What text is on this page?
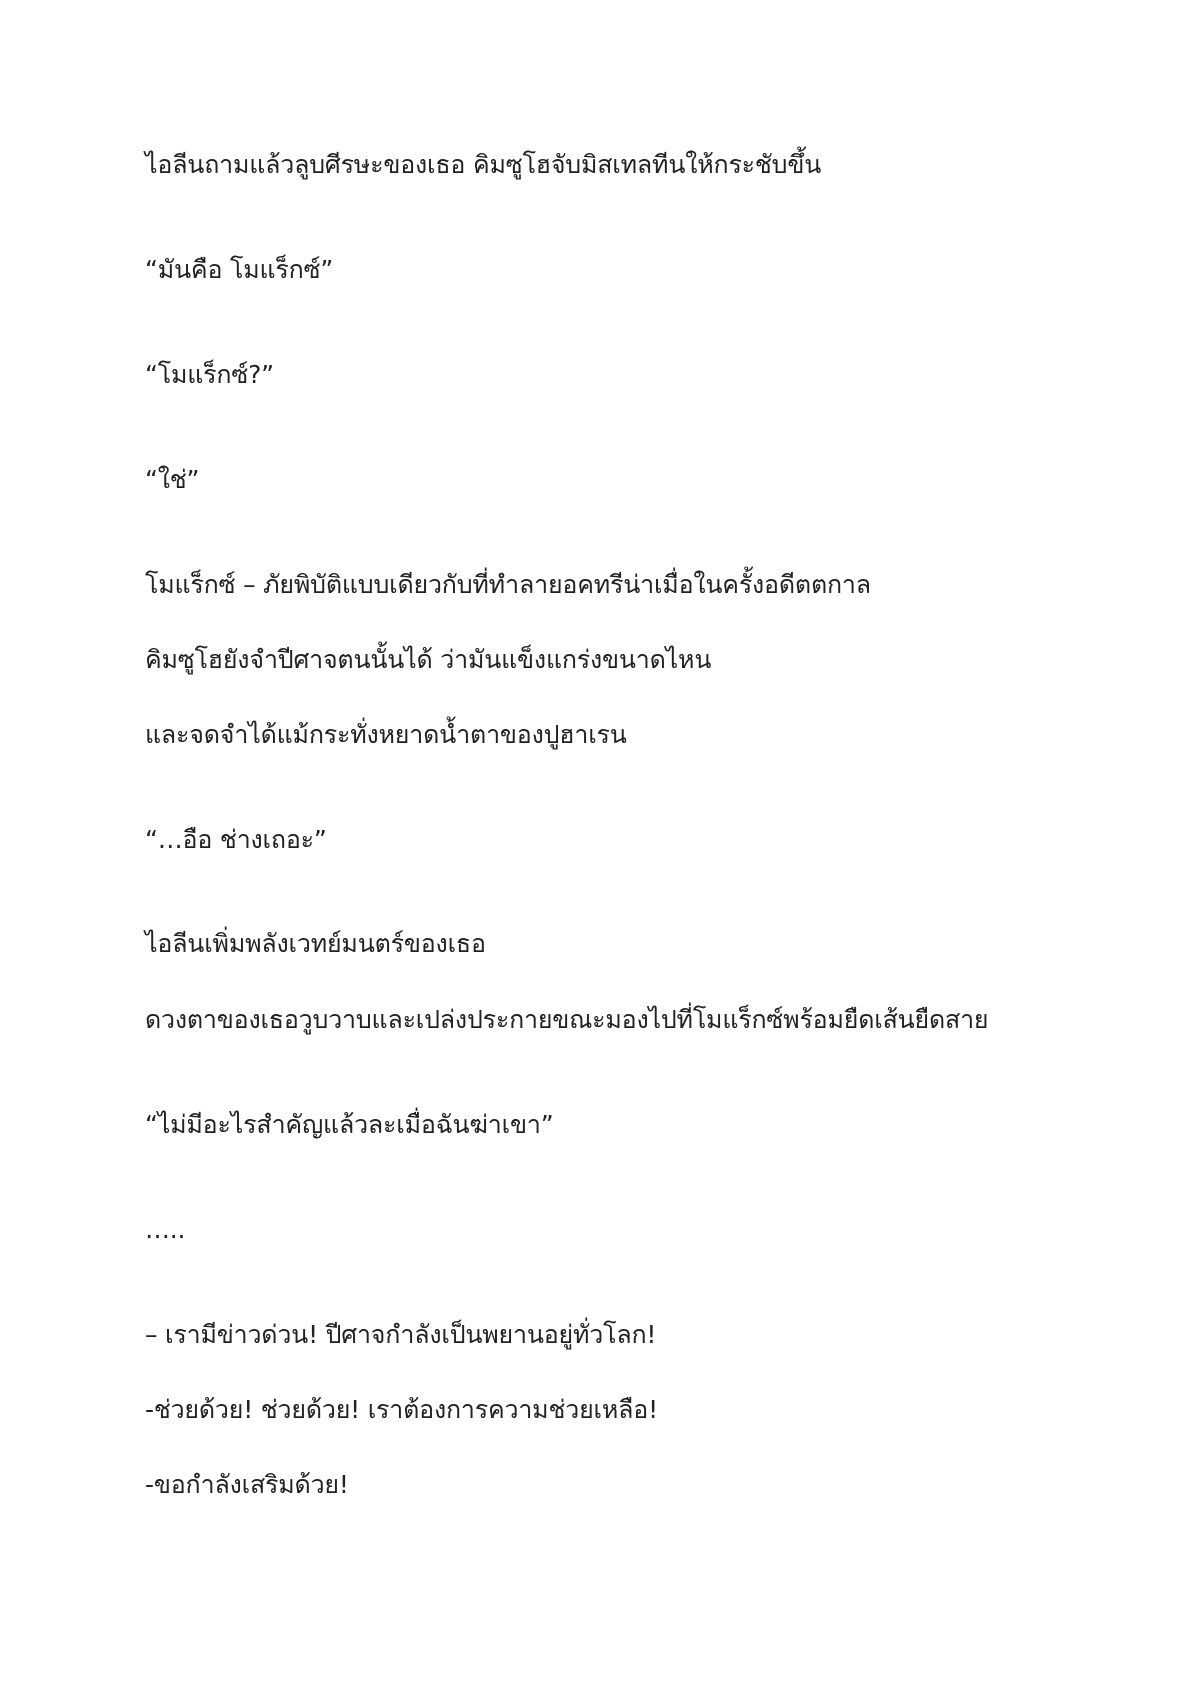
ไอลีนถามแล้วลูบศีรษะของเธอ คิมซูโฮจับมิสเทลทีนให้กระชับขึ้น

“มันคือ โมแร็กซ์”

“โมแร็กซ์?”

“ใช่”

โมแร็กซ์ – ภัยพิบัติแบบเดียวกับที่ทำลายอคทรีน่าเมื่อในครั้งอดีตตกาล

คิมซูโฮยังจำปีศาจตนนั้นได้ ว่ามันแข็งแกร่งขนาดไหน

และจดจำได้แม้กระทั่งหยาดน้ำตาของปูฮาเรน

“…อือ ช่างเถอะ”

ไอลีนเพิ่มพลังเวทย์มนตร์ของเธอ

ดวงตาของเธอวูบวาบและเปล่งประกายขณะมองไปที่โมแร็กซ์พร้อมยืดเส้นยืดสาย

“ไม่มีอะไรสำคัญแล้วละเมื่อฉันฆ่าเขา”

…..

– เรามีข่าวด่วน! ปีศาจกำลังเป็นพยานอยู่ทั่วโลก!

-ช่วยด้วย! ช่วยด้วย! เราต้องการความช่วยเหลือ!

-ขอกำลังเสริมด้วย!
